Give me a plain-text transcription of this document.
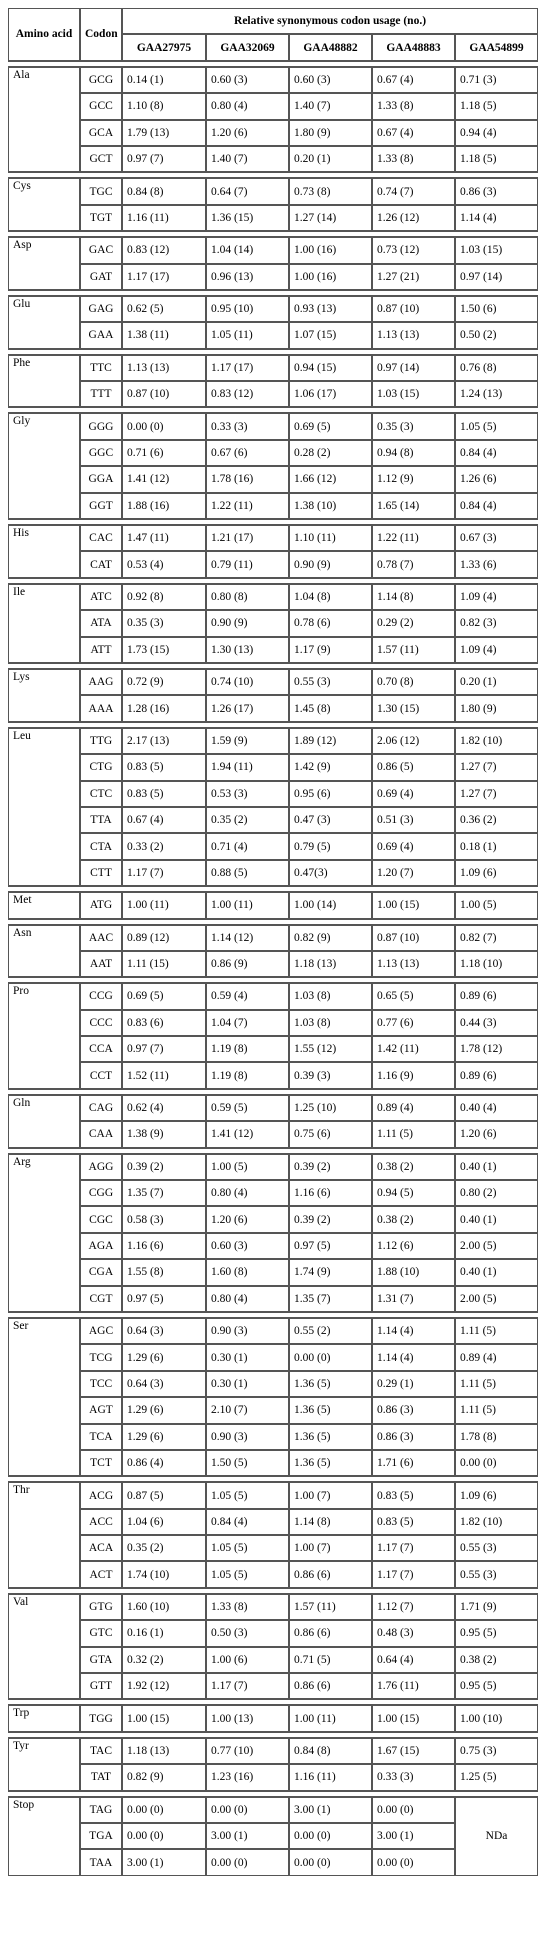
Amino acid	Codon	Relative synonymous codon usage (no.)				
		GAA27975	GAA32069	GAA48882	GAA48883	GAA54899

Ala	GCG	0.14 (1)	0.60 (3)	0.60 (3)	0.67 (4)	0.71 (3)
	GCC	1.10 (8)	0.80 (4)	1.40 (7)	1.33 (8)	1.18 (5)
	GCA	1.79 (13)	1.20 (6)	1.80 (9)	0.67 (4)	0.94 (4)
	GCT	0.97 (7)	1.40 (7)	0.20 (1)	1.33 (8)	1.18 (5)

Cys	TGC	0.84 (8)	0.64 (7)	0.73 (8)	0.74 (7)	0.86 (3)
	TGT	1.16 (11)	1.36 (15)	1.27 (14)	1.26 (12)	1.14 (4)

Asp	GAC	0.83 (12)	1.04 (14)	1.00 (16)	0.73 (12)	1.03 (15)
	GAT	1.17 (17)	0.96 (13)	1.00 (16)	1.27 (21)	0.97 (14)

Glu	GAG	0.62 (5)	0.95 (10)	0.93 (13)	0.87 (10)	1.50 (6)
	GAA	1.38 (11)	1.05 (11)	1.07 (15)	1.13 (13)	0.50 (2)

Phe	TTC	1.13 (13)	1.17 (17)	0.94 (15)	0.97 (14)	0.76 (8)
	TTT	0.87 (10)	0.83 (12)	1.06 (17)	1.03 (15)	1.24 (13)

Gly	GGG	0.00 (0)	0.33 (3)	0.69 (5)	0.35 (3)	1.05 (5)
	GGC	0.71 (6)	0.67 (6)	0.28 (2)	0.94 (8)	0.84 (4)
	GGA	1.41 (12)	1.78 (16)	1.66 (12)	1.12 (9)	1.26 (6)
	GGT	1.88 (16)	1.22 (11)	1.38 (10)	1.65 (14)	0.84 (4)

His	CAC	1.47 (11)	1.21 (17)	1.10 (11)	1.22 (11)	0.67 (3)
	CAT	0.53 (4)	0.79 (11)	0.90 (9)	0.78 (7)	1.33 (6)

Ile	ATC	0.92 (8)	0.80 (8)	1.04 (8)	1.14 (8)	1.09 (4)
	ATA	0.35 (3)	0.90 (9)	0.78 (6)	0.29 (2)	0.82 (3)
	ATT	1.73 (15)	1.30 (13)	1.17 (9)	1.57 (11)	1.09 (4)

Lys	AAG	0.72 (9)	0.74 (10)	0.55 (3)	0.70 (8)	0.20 (1)
	AAA	1.28 (16)	1.26 (17)	1.45 (8)	1.30 (15)	1.80 (9)

Leu	TTG	2.17 (13)	1.59 (9)	1.89 (12)	2.06 (12)	1.82 (10)
	CTG	0.83 (5)	1.94 (11)	1.42 (9)	0.86 (5)	1.27 (7)
	CTC	0.83 (5)	0.53 (3)	0.95 (6)	0.69 (4)	1.27 (7)
	TTA	0.67 (4)	0.35 (2)	0.47 (3)	0.51 (3)	0.36 (2)
	CTA	0.33 (2)	0.71 (4)	0.79 (5)	0.69 (4)	0.18 (1)
	CTT	1.17 (7)	0.88 (5)	0.47(3)	1.20 (7)	1.09 (6)

Met	ATG	1.00 (11)	1.00 (11)	1.00 (14)	1.00 (15)	1.00 (5)

Asn	AAC	0.89 (12)	1.14 (12)	0.82 (9)	0.87 (10)	0.82 (7)
	AAT	1.11 (15)	0.86 (9)	1.18 (13)	1.13 (13)	1.18 (10)

Pro	CCG	0.69 (5)	0.59 (4)	1.03 (8)	0.65 (5)	0.89 (6)
	CCC	0.83 (6)	1.04 (7)	1.03 (8)	0.77 (6)	0.44 (3)
	CCA	0.97 (7)	1.19 (8)	1.55 (12)	1.42 (11)	1.78 (12)
	CCT	1.52 (11)	1.19 (8)	0.39 (3)	1.16 (9)	0.89 (6)

Gln	CAG	0.62 (4)	0.59 (5)	1.25 (10)	0.89 (4)	0.40 (4)
	CAA	1.38 (9)	1.41 (12)	0.75 (6)	1.11 (5)	1.20 (6)

Arg	AGG	0.39 (2)	1.00 (5)	0.39 (2)	0.38 (2)	0.40 (1)
	CGG	1.35 (7)	0.80 (4)	1.16 (6)	0.94 (5)	0.80 (2)
	CGC	0.58 (3)	1.20 (6)	0.39 (2)	0.38 (2)	0.40 (1)
	AGA	1.16 (6)	0.60 (3)	0.97 (5)	1.12 (6)	2.00 (5)
	CGA	1.55 (8)	1.60 (8)	1.74 (9)	1.88 (10)	0.40 (1)
	CGT	0.97 (5)	0.80 (4)	1.35 (7)	1.31 (7)	2.00 (5)

Ser	AGC	0.64 (3)	0.90 (3)	0.55 (2)	1.14 (4)	1.11 (5)
	TCG	1.29 (6)	0.30 (1)	0.00 (0)	1.14 (4)	0.89 (4)
	TCC	0.64 (3)	0.30 (1)	1.36 (5)	0.29 (1)	1.11 (5)
	AGT	1.29 (6)	2.10 (7)	1.36 (5)	0.86 (3)	1.11 (5)
	TCA	1.29 (6)	0.90 (3)	1.36 (5)	0.86 (3)	1.78 (8)
	TCT	0.86 (4)	1.50 (5)	1.36 (5)	1.71 (6)	0.00 (0)

Thr	ACG	0.87 (5)	1.05 (5)	1.00 (7)	0.83 (5)	1.09 (6)
	ACC	1.04 (6)	0.84 (4)	1.14 (8)	0.83 (5)	1.82 (10)
	ACA	0.35 (2)	1.05 (5)	1.00 (7)	1.17 (7)	0.55 (3)
	ACT	1.74 (10)	1.05 (5)	0.86 (6)	1.17 (7)	0.55 (3)

Val	GTG	1.60 (10)	1.33 (8)	1.57 (11)	1.12 (7)	1.71 (9)
	GTC	0.16 (1)	0.50 (3)	0.86 (6)	0.48 (3)	0.95 (5)
	GTA	0.32 (2)	1.00 (6)	0.71 (5)	0.64 (4)	0.38 (2)
	GTT	1.92 (12)	1.17 (7)	0.86 (6)	1.76 (11)	0.95 (5)

Trp	TGG	1.00 (15)	1.00 (13)	1.00 (11)	1.00 (15)	1.00 (10)

Tyr	TAC	1.18 (13)	0.77 (10)	0.84 (8)	1.67 (15)	0.75 (3)
	TAT	0.82 (9)	1.23 (16)	1.16 (11)	0.33 (3)	1.25 (5)

Stop	TAG	0.00 (0)	0.00 (0)	3.00 (1)	0.00 (0)	NDa
	TGA	0.00 (0)	3.00 (1)	0.00 (0)	3.00 (1)	
	TAA	3.00 (1)	0.00 (0)	0.00 (0)	0.00 (0)	
